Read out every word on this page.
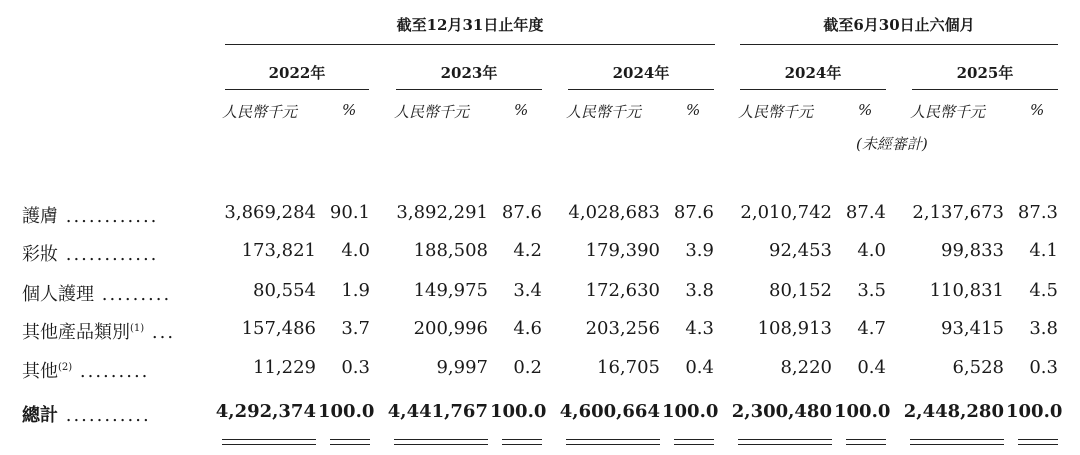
截至12月31日止年度	截至6月30日止六個月
2022年	2023年	2024年	2024年	2025年
人民幣千元	%	人民幣千元	%	人民幣千元	%	人民幣千元	%	人民幣千元	%
(未經審計)
護膚 ............	3,869,284 90.1	3,892,291 87.6	4,028,683 87.6	2,010,742 87.4	2,137,673 87.3
彩妝 ............	173,821	4.0	188,508	4.2	179,390	3.9	92,453	4.0	99,833	4.1
個人護理 .........	80,554	1.9	149,975	3.4	172,630	3.8	80,152	3.5	110,831	4.5
其他產品類別$^{(1)}$ ...	157,486	3.7	200,996	4.6	203,256	4.3	108,913	4.7	93,415	3.8
其他$^{(2)}$ .........	11,229	0.3	9,997	0.2	16,705	0.4	8,220	0.4	6,528	0.3
總計 ...........	4,292,374 100.0 4,441,767 100.0 4,600,664 100.0 2,300,480 100.0 2,448,280 100.0
